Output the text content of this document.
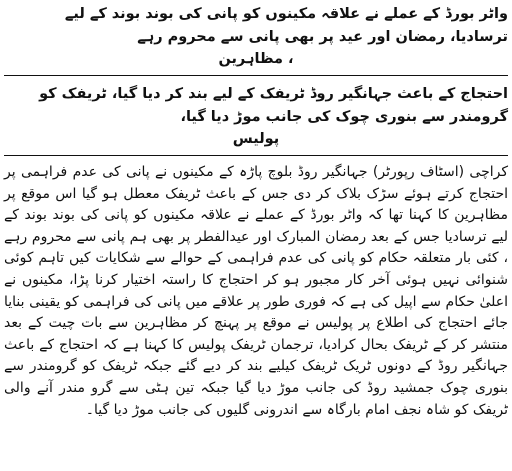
واٹر بورڈ کے عملے نے علاقہ مکینوں کو پانی کی بوند بوند کے لیے ترسادیا، رمضان اور عید پر بھی پانی سے محروم رہے

، مظاہرین

احتجاج کے باعث جہانگیر روڈ ٹریفک کے لیے بند کر دیا گیا، ٹریفک کو گرومندر سے بنوری چوک کی جانب موڑ دیا گیا،

پولیس

کراچی (اسٹاف رپورٹر) جہانگیر روڈ بلوچ پاڑہ کے مکینوں نے پانی کی عدم فراہمی پر احتجاج کرتے ہوئے سڑک بلاک کر دی جس کے باعث ٹریفک معطل ہو گیا اس موقع پر مظاہرین کا کہنا تھا کہ واٹر بورڈ کے عملے نے علاقہ مکینوں کو پانی کی بوند بوند کے لیے ترسادیا جس کے بعد رمضان المبارک اور عیدالفطر پر بھی ہم پانی سے محروم رہے ، کئی بار متعلقہ حکام کو پانی کی عدم فراہمی کے حوالے سے شکایات کیں تاہم کوئی شنوائی نہیں ہوئی آخر کار مجبور ہو کر احتجاج کا راستہ اختیار کرنا پڑا، مکینوں نے اعلیٰ حکام سے اپیل کی ہے کہ فوری طور پر علاقے میں پانی کی فراہمی کو یقینی بنایا جائے احتجاج کی اطلاع پر پولیس نے موقع پر پہنچ کر مظاہرین سے بات چیت کے بعد منتشر کر کے ٹریفک بحال کرادیا، ترجمان ٹریفک پولیس کا کہنا ہے کہ احتجاج کے باعث جہانگیر روڈ کے دونوں ٹریک ٹریفک کیلیے بند کر دیے گئے جبکہ ٹریفک کو گرومندر سے بنوری چوک جمشید روڈ کی جانب موڑ دیا گیا جبکہ تین ہٹی سے گرو مندر آنے والی ٹریفک کو شاہ نجف امام بارگاہ سے اندرونی گلیوں کی جانب موڑ دیا گیا۔
